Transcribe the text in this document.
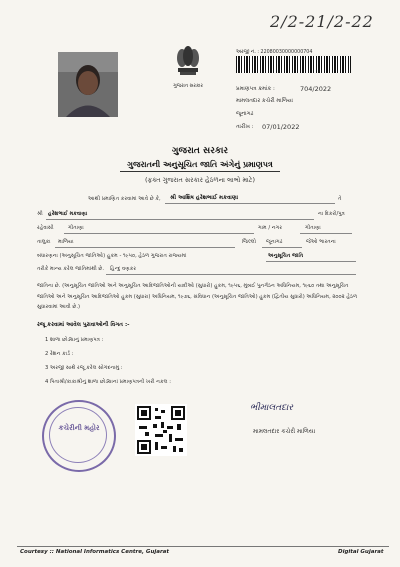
2/2-21/2-22
ગુજરાત સરકાર
અરજી નં. : 22080030000000704
પ્રમાણપત્ર ક્રમાંક :	704/2022
મામલતદાર કચેરી માળિયા
જૂનાગઢ
તારીખ : 07/01/2022
ગુજરાત સરકાર
ગુજરાતની અનુસૂચિત જાતિ અંગેનું પ્રમાણપત્ર
(ફક્ત ગુજરાત સરકાર હેઠળના લાભો માટે)
આથી પ્રમાણિત કરવામાં આવે છે કે, શ્રી આશિષ હરેશભાઈ મકવાણા	તે
શ્રી હરેશભાઈ મકવાણા	ના દિકરો/પુત્ર
રહેવાસી	ગીતાણા	ગામ / નગર	ગીતાણા
તાલુકા માળિયા	જિલ્લો જૂનાગઢ	જેઓ ભારતના
બંધારણના (અનુસૂચિત જાતિઓ) હુકમ - ૧૯૫૦, હેઠળ ગુજરાત રાજ્યમાં	અનુસૂચિત જાતિ
તરીકે માન્ય કરેલ જાતિમાંથી છે. હિન્દુ વણકર
જાતિના છે. (અનુસૂચિત જાતિઓ અને અનુસૂચિત આદિજાતિઓની યાદીઓ (સુધારો) હુકમ, ૧૯૫૬, મુંબઈ પુનર્ગઠન અધિનિયમ, ૧૯૬૦ તથા અનુસૂચિત જાતિઓ અને અનુસૂચિત આદિજાતિઓ હુકમ (સુધારા) અધિનિયમ, ૧૯૭૬, સંવિધાન (અનુસૂચિત જાતિઓ) હુકમ (દ્વિતીય સુધારો) અધિનિયમ, ૨૦૦૨ હેઠળ સુધારવામાં આવી છે.)
રજૂ કરવામાં આવેલ પુરાવાઓની વિગત :-
1 શાળા છોડ્યાનું પ્રમાણપત્ર :
2 રેશન કાર્ડ :
3 અરજી સાથે રજૂ કરેલ સોગંદનામું :
4 પિતાશ્રી/કાકાશ્રીનું શાળા છોડ્યાનાં પ્રમાણપત્રની ખરી નકલ :
કચેરીની મહોર
ભીમાલતદાર
મામલતદાર કચેરી માળિયા
Courtesy :: National Informatics Centre, Gujarat	Digital Gujarat
